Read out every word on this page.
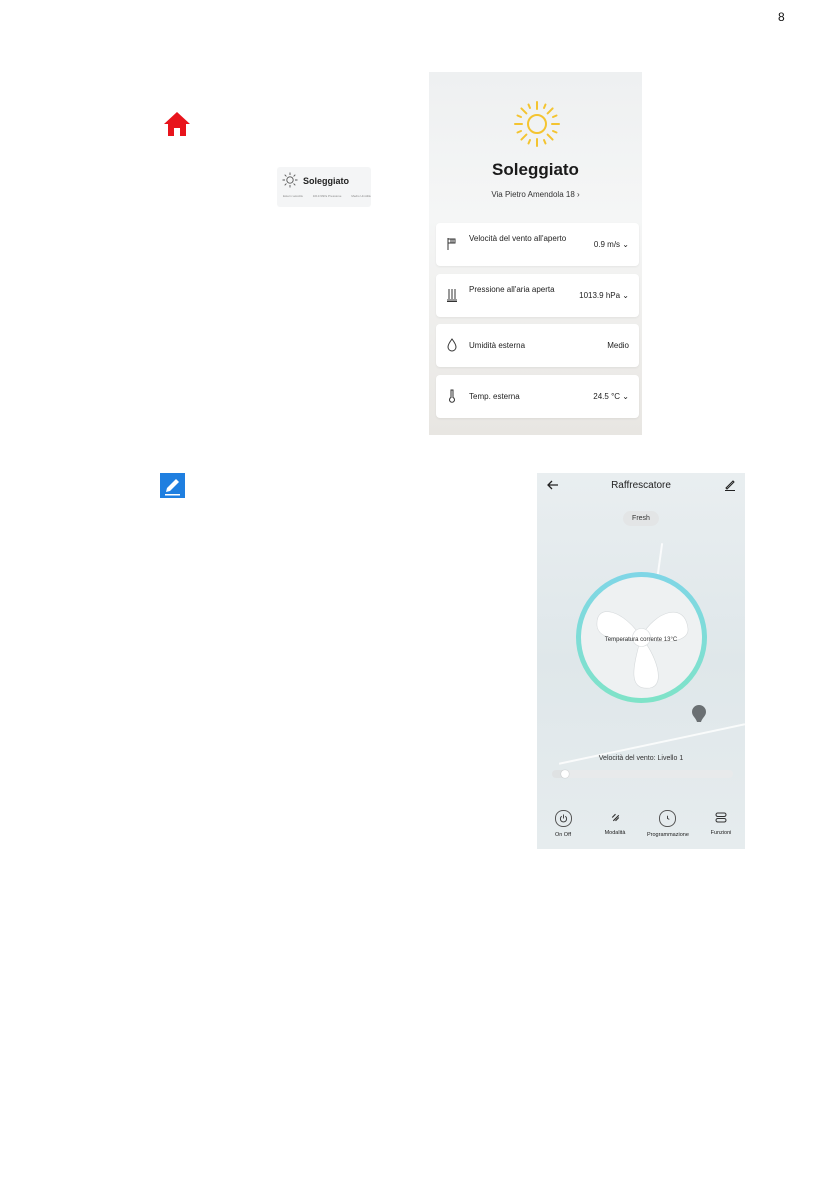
8
Soleggiato
Estern velocità	1013.9hPa Pressione	Medio Umidità
Soleggiato
Via Pietro Amendola 18 ›
Velocità del vento all'aperto
0.9 m/s ⌄
Pressione all'aria aperta
1013.9 hPa ⌄
Umidità esterna	Medio
Temp. esterna	24.5 °C ⌄
Raffrescatore
Fresh
Temperatura corrente 13°C
Velocità del vento: Livello 1
On Off	Modalità	Programmazione	Funzioni
